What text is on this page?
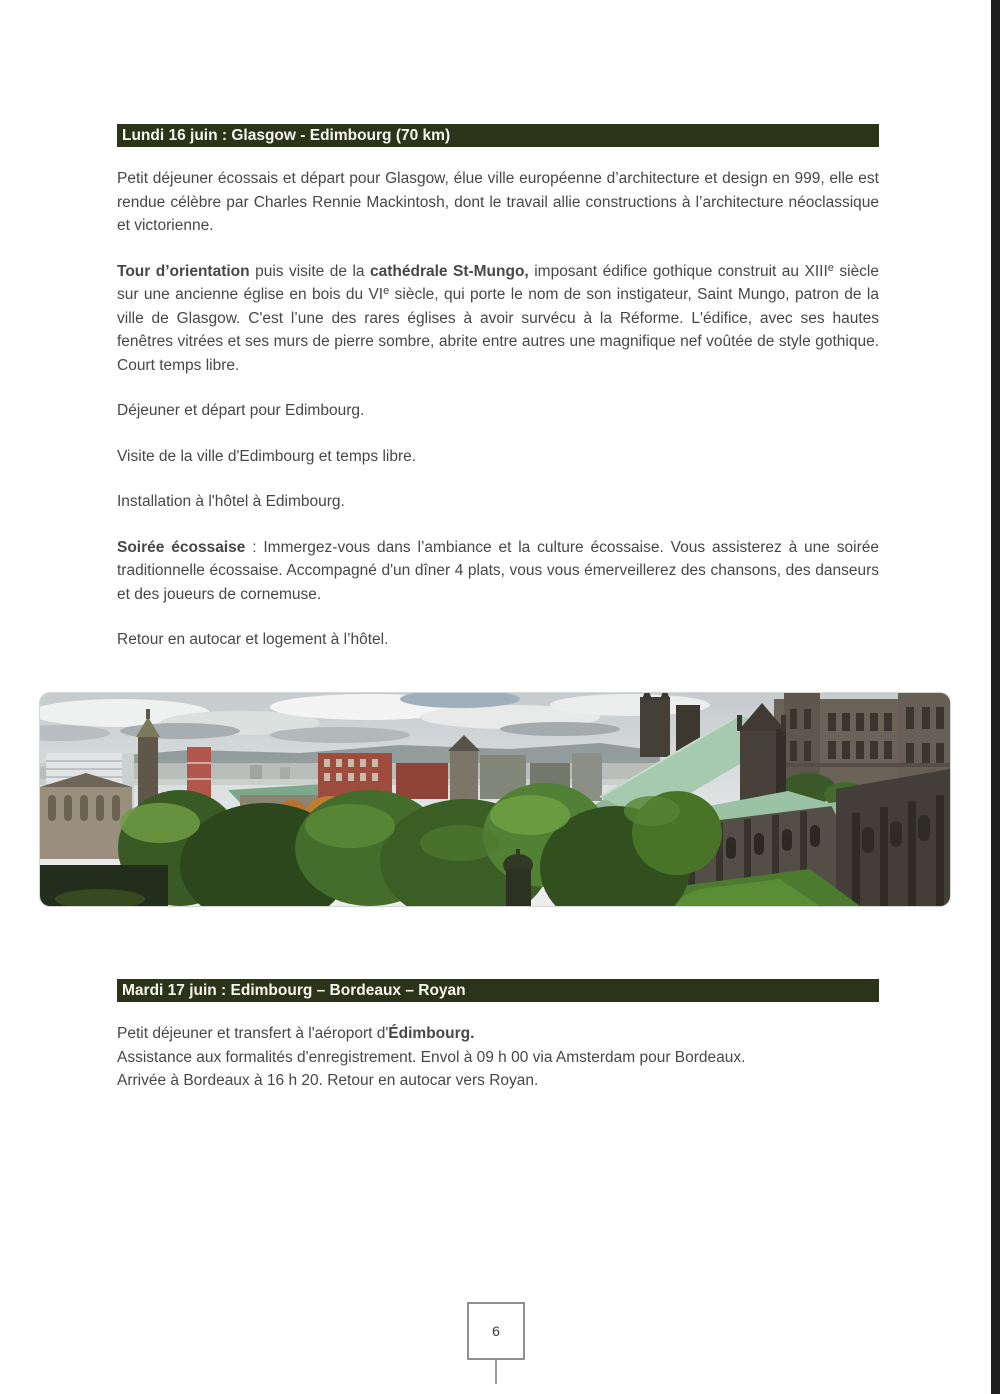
Lundi 16 juin : Glasgow - Edimbourg (70 km)

Petit déjeuner écossais et départ pour Glasgow, élue ville européenne d’architecture et design en 999, elle est rendue célèbre par Charles Rennie Mackintosh, dont le travail allie constructions à l’architecture néoclassique et victorienne.

Tour d’orientation puis visite de la cathédrale St-Mungo, imposant édifice gothique construit au XIIIe siècle sur une ancienne église en bois du VIe siècle, qui porte le nom de son instigateur, Saint Mungo, patron de la ville de Glasgow. C'est l’une des rares églises à avoir survécu à la Réforme. L'édifice, avec ses hautes fenêtres vitrées et ses murs de pierre sombre, abrite entre autres une magnifique nef voûtée de style gothique. Court temps libre.

Déjeuner et départ pour Edimbourg.

Visite de la ville d'Edimbourg et temps libre.

Installation à l'hôtel à Edimbourg.

Soirée écossaise : Immergez-vous dans l’ambiance et la culture écossaise. Vous assisterez à une soirée traditionnelle écossaise. Accompagné d'un dîner 4 plats, vous vous émerveillerez des chansons, des danseurs et des joueurs de cornemuse.

Retour en autocar et logement à l’hôtel.

Mardi 17 juin : Edimbourg – Bordeaux – Royan

Petit déjeuner et transfert à l'aéroport d'Édimbourg.

Assistance aux formalités d'enregistrement. Envol à 09 h 00 via Amsterdam pour Bordeaux.

Arrivée à Bordeaux à 16 h 20. Retour en autocar vers Royan.

6
